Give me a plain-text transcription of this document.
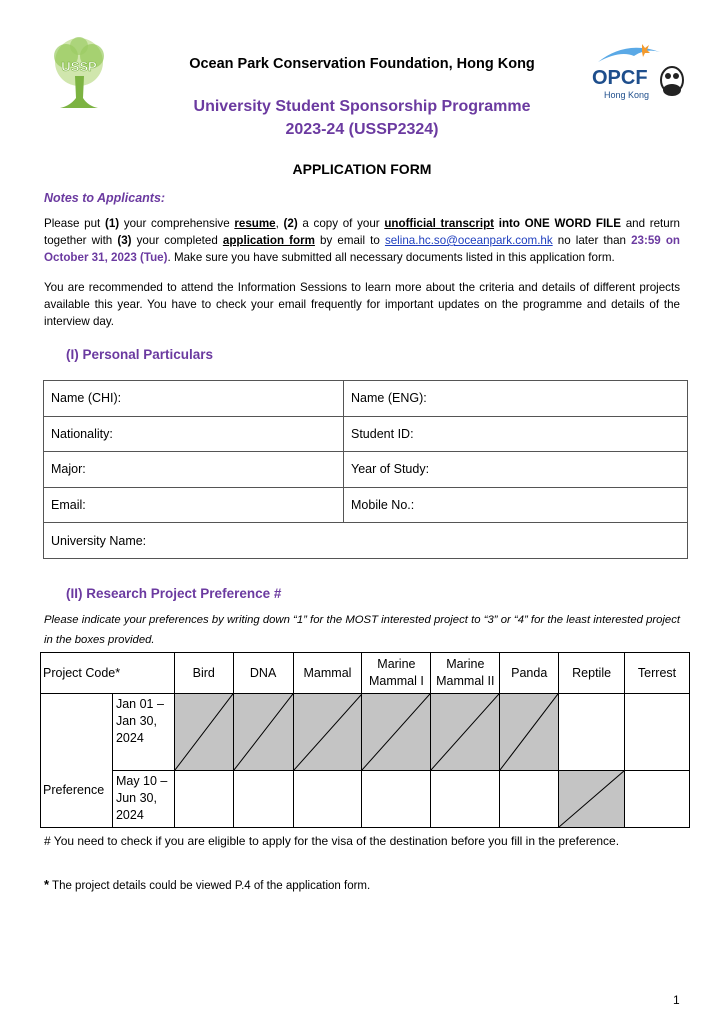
USSP
OPCF
Hong Kong
Ocean Park Conservation Foundation, Hong Kong
University Student Sponsorship Programme
2023-24 (USSP2324)
APPLICATION FORM
Notes to Applicants:
Please put (1) your comprehensive resume, (2) a copy of your unofficial transcript into ONE WORD FILE and return together with (3) your completed application form by email to selina.hc.so@oceanpark.com.hk no later than 23:59 on October 31, 2023 (Tue). Make sure you have submitted all necessary documents listed in this application form.
You are recommended to attend the Information Sessions to learn more about the criteria and details of different projects available this year. You have to check your email frequently for important updates on the programme and details of the interview day.
(I) Personal Particulars
Name (CHI):	Name (ENG):
Nationality:	Student ID:
Major:	Year of Study:
Email:	Mobile No.:
University Name:	
(II) Research Project Preference #
Please indicate your preferences by writing down “1” for the MOST interested project to “3” or “4” for the least interested project in the boxes provided.
Project Code*		Bird	DNA	Mammal	Marine Mammal I	Marine Mammal II	Panda	Reptile	Terrest
Preference	Jan 01 – Jan 30, 2024	

	May 10 – Jun 30, 2024							

# You need to check if you are eligible to apply for the visa of the destination before you fill in the preference.
* The project details could be viewed P.4 of the application form.
1
